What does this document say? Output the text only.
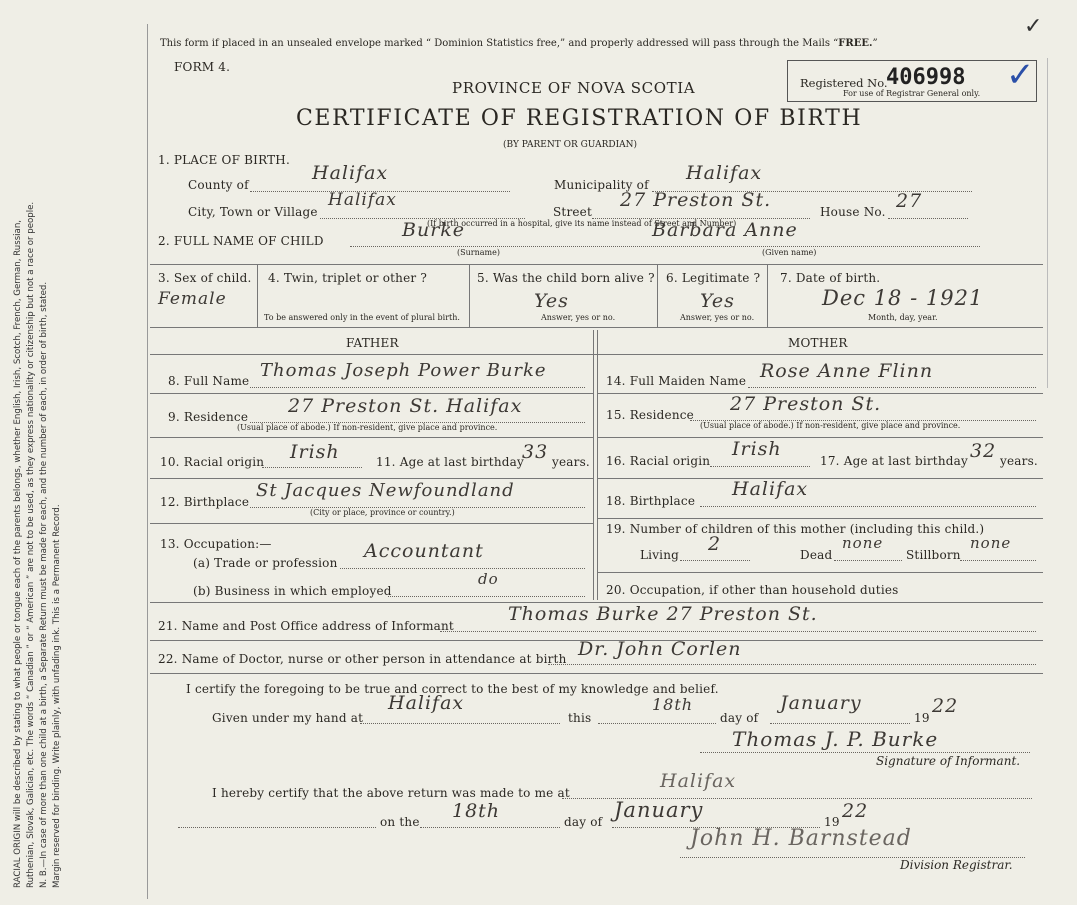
RACIAL ORIGIN will be described by stating to what people or tongue each of the parents belongs, whether English, Irish, Scotch, French, German, Russian, Ruthenian, Slovak, Galician, etc. The words “ Canadian ” or “ American ” are not to be used, as they express nationality or citizenship but not a race or people. N. B.—In case of more than one child at a birth, a Separate Return must be made for each, and the number of each, in order of birth, stated. Margin reserved for binding. Write plainly, with unfading ink. This is a Permanent Record.
This form if placed in an unsealed envelope marked “ Dominion Statistics free,” and properly addressed will pass through the Mails “FREE.”
✓
FORM 4.
PROVINCE OF NOVA SCOTIA
CERTIFICATE OF REGISTRATION OF BIRTH
(BY PARENT OR GUARDIAN)
Registered No.
406998
For use of Registrar General only. ✓
1. PLACE OF BIRTH.
County of
Halifax
Municipality of
Halifax
City, Town or Village
Halifax
Street
27 Preston St.
House No. 27
(If birth occurred in a hospital, give its name instead of Street and Number)
2. FULL NAME OF CHILD	Burke
(Surname)
Barbara Anne
(Given name)
3. Sex of child.
Female
4. Twin, triplet or other ?
To be answered only in the event of plural birth.
5. Was the child born alive ?
Yes
Answer, yes or no.
6. Legitimate ?
Yes
Answer, yes or no.
7. Date of birth.
Dec 18 - 1921
Month, day, year.
FATHER	MOTHER
8. Full Name Thomas Joseph Power Burke
9. Residence 27 Preston St. Halifax
(Usual place of abode.) If non-resident, give place and province.
10. Racial origin Irish	11. Age at last birthday
33 years.
12. Birthplace
St Jacques Newfoundland
(City or place, province or country.)
13. Occupation:—
(a) Trade or profession
Accountant
(b) Business in which employed
do
14. Full Maiden Name Rose Anne Flinn
15. Residence 27 Preston St.
(Usual place of abode.) If non-resident, give place and province.
16. Racial origin
Irish
17. Age at last birthday 32 years.
18. Birthplace
Halifax
19. Number of children of this mother (including this child.)
Living 2	Dead
none
Stillborn
none
20. Occupation, if other than household duties
21. Name and Post Office address of Informant
Thomas Burke 27 Preston St.
22. Name of Doctor, nurse or other person in attendance at birth Dr. John Corlen
I certify the foregoing to be true and correct to the best of my knowledge and belief.
Given under my hand at
Halifax
this
18th
day of
January
19
22
Thomas J. P. Burke
Signature of Informant.
I hereby certify that the above return was made to me at
Halifax
on the 18th	day of January	19 22
John H. Barnstead
Division Registrar.
